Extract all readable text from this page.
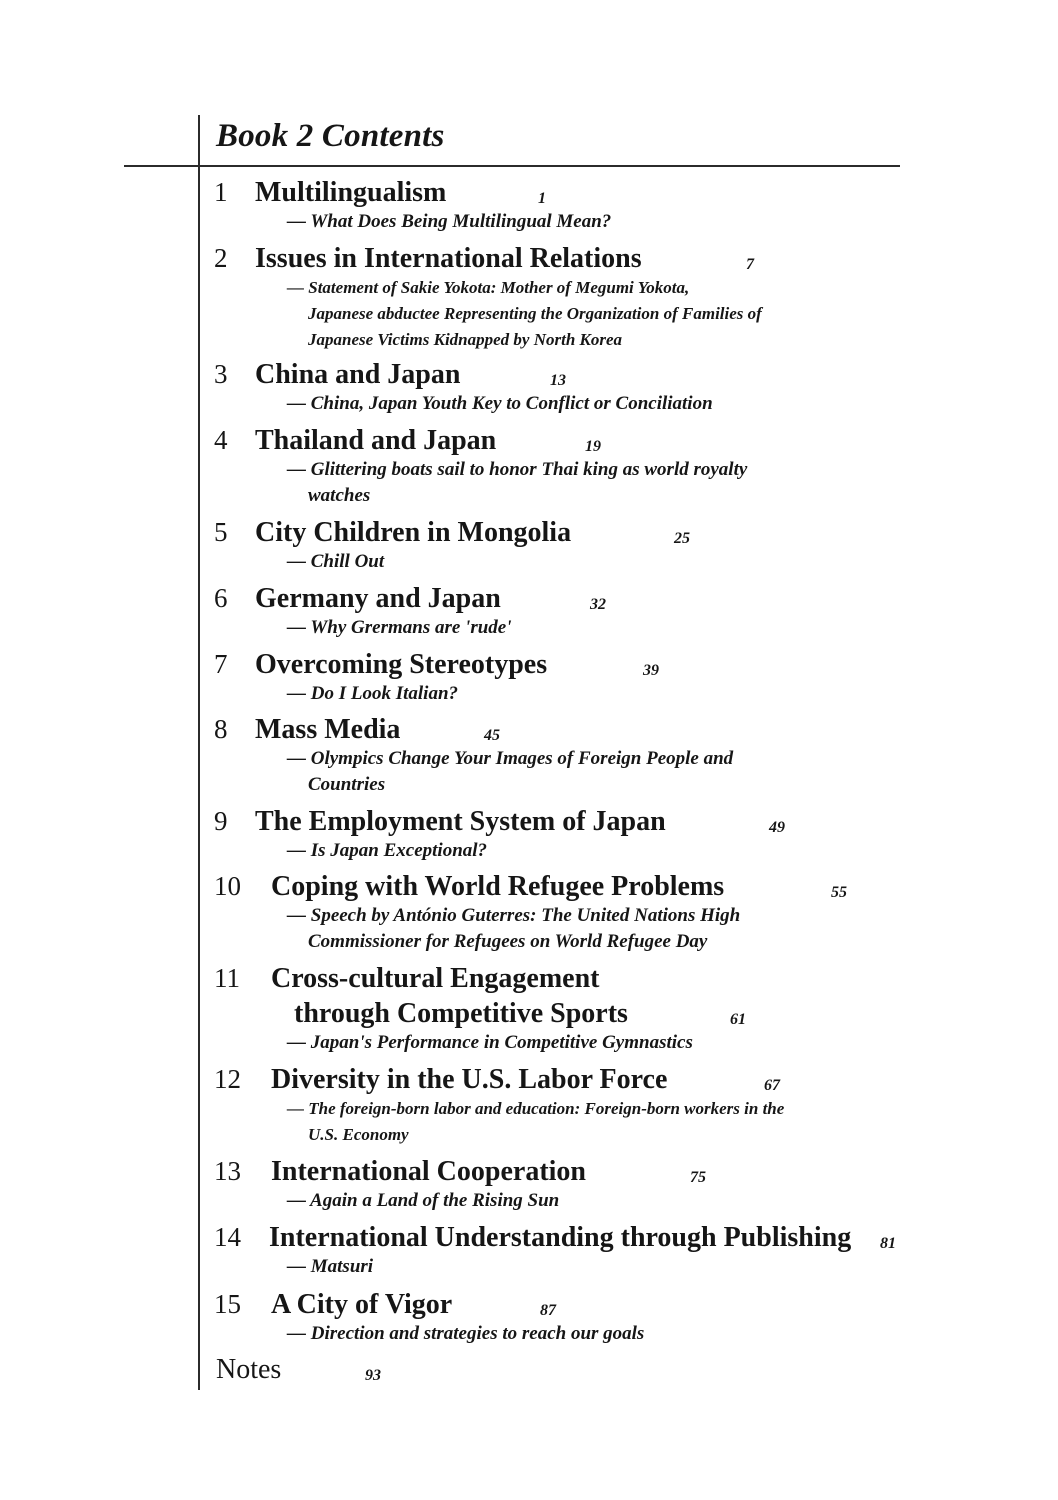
Book 2 Contents
1 Multilingualism	1
— What Does Being Multilingual Mean?
2 Issues in International Relations	7
— Statement of Sakie Yokota: Mother of Megumi Yokota,
Japanese abductee Representing the Organization of Families of
Japanese Victims Kidnapped by North Korea
3 China and Japan	13
— China, Japan Youth Key to Conflict or Conciliation
4 Thailand and Japan	19
— Glittering boats sail to honor Thai king as world royalty
watches
5 City Children in Mongolia	25
— Chill Out
6 Germany and Japan	32
— Why Grermans are 'rude'
7 Overcoming Stereotypes	39
— Do I Look Italian?
8 Mass Media	45
— Olympics Change Your Images of Foreign People and
Countries
9 The Employment System of Japan	49
— Is Japan Exceptional?
10 Coping with World Refugee Problems	55
— Speech by António Guterres: The United Nations High
Commissioner for Refugees on World Refugee Day
11 Cross-cultural Engagement
through Competitive Sports	61
— Japan's Performance in Competitive Gymnastics
12 Diversity in the U.S. Labor Force	67
— The foreign-born labor and education: Foreign-born workers in the
U.S. Economy
13 International Cooperation	75
— Again a Land of the Rising Sun
14 International Understanding through Publishing 81
— Matsuri
15 A City of Vigor	87
— Direction and strategies to reach our goals
Notes	93
